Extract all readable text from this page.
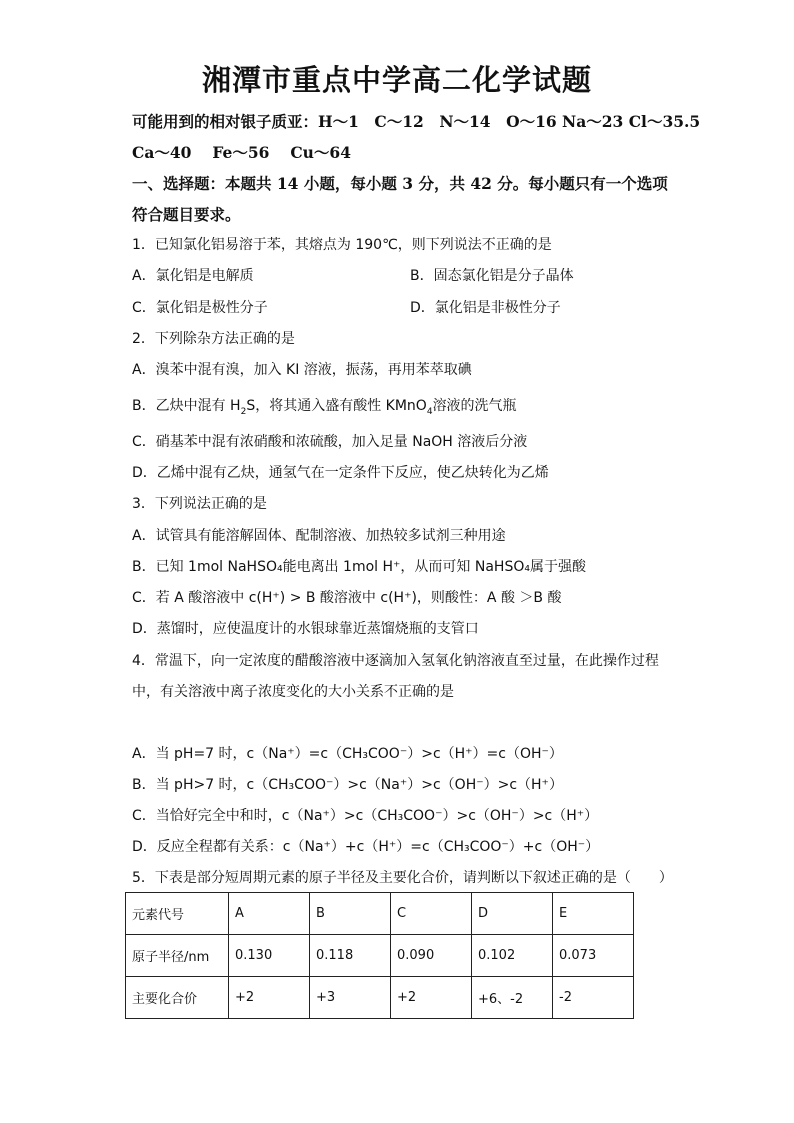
湘潭市重点中学高二化学试题
可能用到的相对银子质亚：H～1　C～12　N～14　O～16 Na～23 Cl～35.5
Ca～40　 Fe～56　 Cu～64
一、选择题：本题共 14 小题，每小题 3 分，共 42 分。每小题只有一个选项
符合题目要求。
1．已知氯化铝易溶于苯，其熔点为 190℃，则下列说法不正确的是
A．氯化铝是电解质	B．固态氯化铝是分子晶体
C．氯化铝是极性分子	D．氯化铝是非极性分子
2．下列除杂方法正确的是
A．溴苯中混有溴，加入 KI 溶液，振荡，再用苯萃取碘
B．乙炔中混有 $H_2S$，将其通入盛有酸性 KMnO$_4$溶液的洗气瓶
C．硝基苯中混有浓硝酸和浓硫酸，加入足量 NaOH 溶液后分液
D．乙烯中混有乙炔，通氢气在一定条件下反应，使乙炔转化为乙烯
3．下列说法正确的是
A．试管具有能溶解固体、配制溶液、加热较多试剂三种用途
B．已知 1mol NaHSO₄能电离出 1mol H⁺，从而可知 NaHSO₄属于强酸
C．若 A 酸溶液中 c(H⁺) > B 酸溶液中 c(H⁺)，则酸性：A 酸 ＞B 酸
D．蒸馏时，应使温度计的水银球靠近蒸馏烧瓶的支管口
4．常温下，向一定浓度的醋酸溶液中逐滴加入氢氧化钠溶液直至过量，在此操作过程
中，有关溶液中离子浓度变化的大小关系不正确的是
A．当 pH=7 时，c（Na⁺）=c（CH₃COO⁻）>c（H⁺）=c（OH⁻）
B．当 pH>7 时，c（CH₃COO⁻）>c（Na⁺）>c（OH⁻）>c（H⁺）
C．当恰好完全中和时，c（Na⁺）>c（CH₃COO⁻）>c（OH⁻）>c（H⁺）
D．反应全程都有关系：c（Na⁺）+c（H⁺）=c（CH₃COO⁻）+c（OH⁻）
5．下表是部分短周期元素的原子半径及主要化合价，请判断以下叙述正确的是（　　）
元素代号	A	B	C	D	E
原子半径/nm	0.130	0.118	0.090	0.102	0.073
主要化合价	+2	+3	+2	+6、-2	-2
